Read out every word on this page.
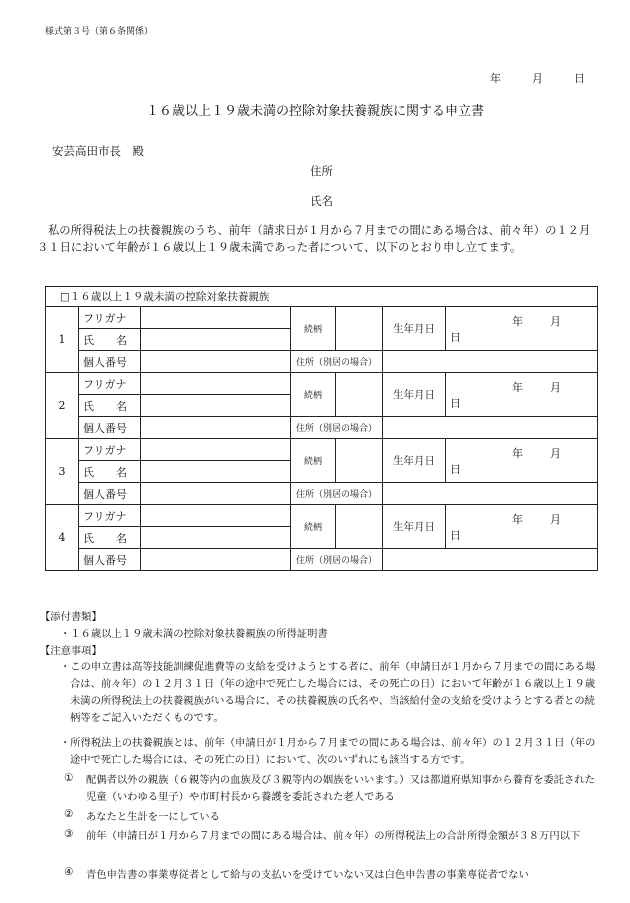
様式第３号（第６条関係）
年	月	日
１６歳以上１９歳未満の控除対象扶養親族に関する申立書
安芸高田市長　殿
住所
氏名
私の所得税法上の扶養親族のうち、前年（請求日が１月から７月までの間にある場合は、前々年）の１２月３１日において年齢が１６歳以上１９歳未満であった者について、以下のとおり申し立てます。
□１６歳以上１９歳未満の控除対象扶養親族						
1	フリガナ		続柄		生年月日	年 月日
	氏　　名					
	個人番号		住所（別居の場合）			
2	フリガナ		続柄		生年月日	年 月日
	氏　　名					
	個人番号		住所（別居の場合）			
3	フリガナ		続柄		生年月日	年 月日
	氏　　名					
	個人番号		住所（別居の場合）			
4	フリガナ		続柄		生年月日	年 月日
	氏　　名					
	個人番号		住所（別居の場合）			
【添付書類】
・１６歳以上１９歳未満の控除対象扶養親族の所得証明書
【注意事項】
・この申立書は高等技能訓練促進費等の支給を受けようとする者に、前年（申請日が１月から７月までの間にある場合は、前々年）の１２月３１日（年の途中で死亡した場合には、その死亡の日）において年齢が１６歳以上１９歳未満の所得税法上の扶養親族がいる場合に、その扶養親族の氏名や、当該給付金の支給を受けようとする者との続柄等をご記入いただくものです。
・所得税法上の扶養親族とは、前年（申請日が１月から７月までの間にある場合は、前々年）の１２月３１日（年の途中で死亡した場合には、その死亡の日）において、次のいずれにも該当する方です。
① 配偶者以外の親族（６親等内の血族及び３親等内の姻族をいいます。）又は都道府県知事から養育を委託された児童（いわゆる里子）や市町村長から養護を委託された老人である
② あなたと生計を一にしている
③ 前年（申請日が１月から７月までの間にある場合は、前々年）の所得税法上の合計所得金額が３８万円以下
④ 青色申告書の事業専従者として給与の支払いを受けていない又は白色申告書の事業専従者でない
